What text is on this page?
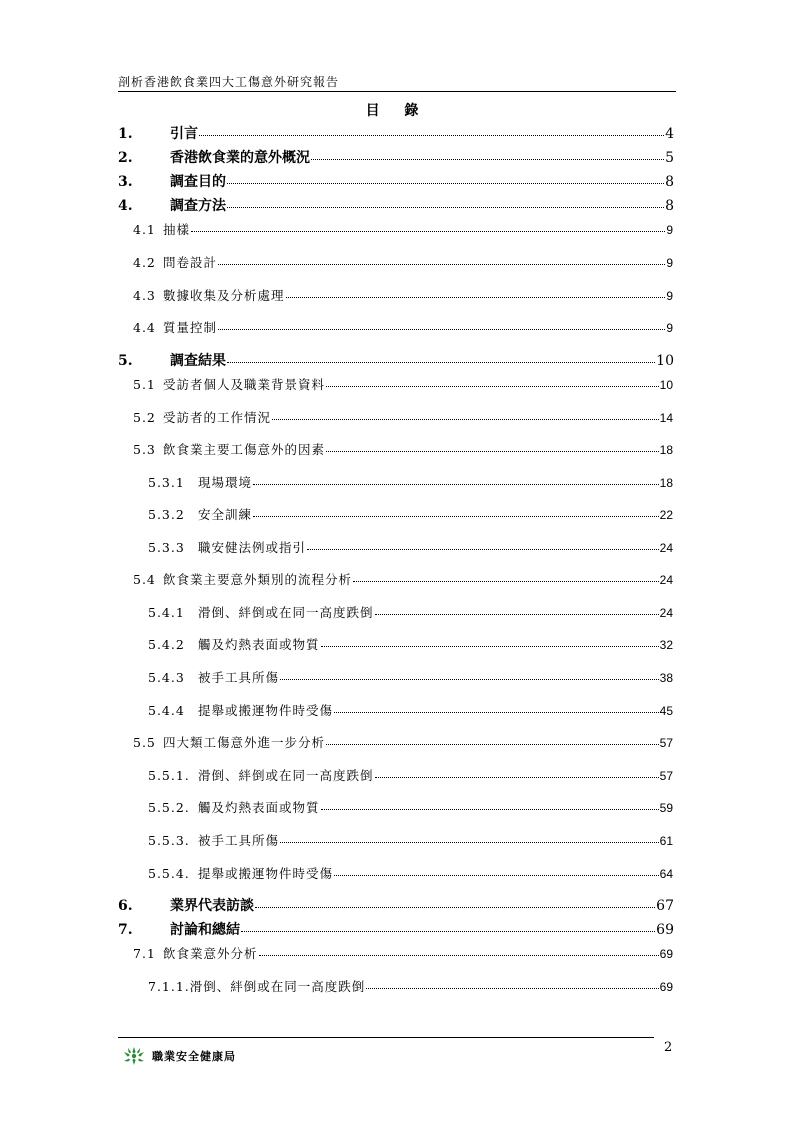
剖析香港飲食業四大工傷意外研究報告
目 錄
1.	引言	4
2.	香港飲食業的意外概況	5
3.	調查目的	8
4.	調查方法	8
4.1 抽樣	9
4.2 問卷設計	9
4.3 數據收集及分析處理	9
4.4 質量控制	9
5.	調查結果	10
5.1 受訪者個人及職業背景資料	10
5.2 受訪者的工作情況	14
5.3 飲食業主要工傷意外的因素	18
5.3.1	現場環境	18
5.3.2	安全訓練	22
5.3.3	職安健法例或指引	24
5.4 飲食業主要意外類別的流程分析	24
5.4.1	滑倒、絆倒或在同一高度跌倒	24
5.4.2	觸及灼熱表面或物質	32
5.4.3	被手工具所傷	38
5.4.4	提舉或搬運物件時受傷	45
5.5 四大類工傷意外進一步分析	57
5.5.1. 滑倒、絆倒或在同一高度跌倒	57
5.5.2. 觸及灼熱表面或物質	59
5.5.3. 被手工具所傷	61
5.5.4. 提舉或搬運物件時受傷	64
6.	業界代表訪談	67
7.	討論和總結	69
7.1 飲食業意外分析	69
7.1.1. 滑倒、絆倒或在同一高度跌倒	69
2
職業安全健康局
